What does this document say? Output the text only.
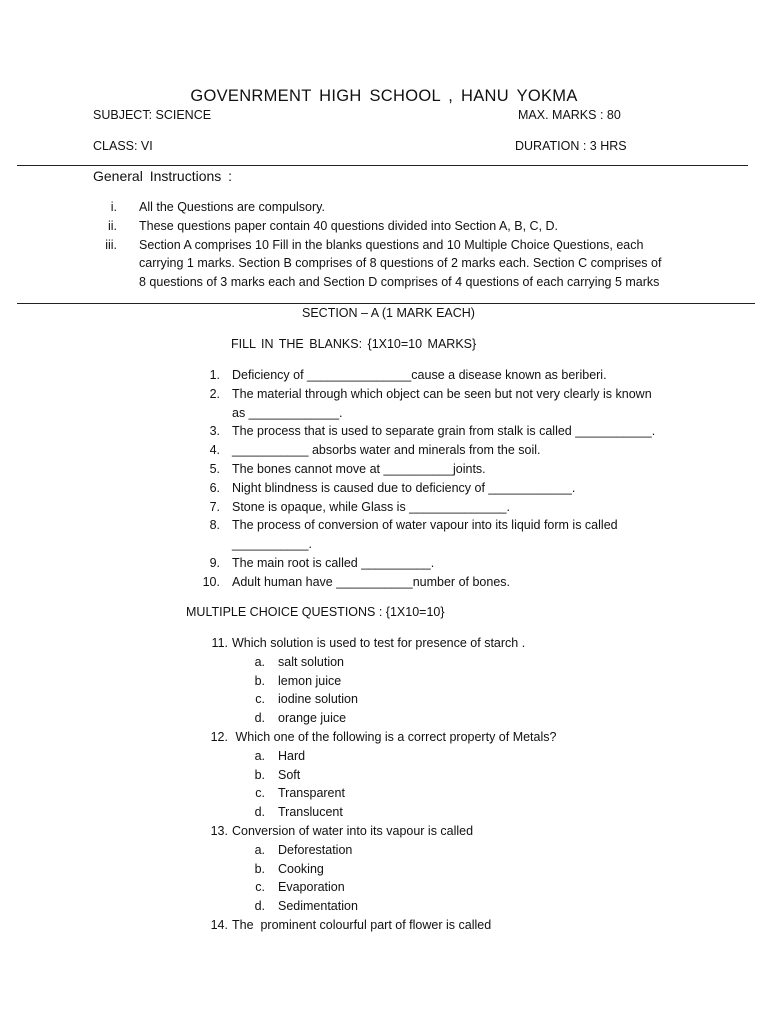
GOVENRMENT HIGH SCHOOL , HANU YOKMA
SUBJECT: SCIENCE	MAX. MARKS : 80
CLASS: VI	DURATION : 3 HRS
General Instructions :
i. All the Questions are compulsory.
ii. These questions paper contain 40 questions divided into Section A, B, C, D.
iii. Section A comprises 10 Fill in the blanks questions and 10 Multiple Choice Questions, each
carrying 1 marks. Section B comprises of 8 questions of 2 marks each. Section C comprises of
8 questions of 3 marks each and Section D comprises of 4 questions of each carrying 5 marks
SECTION – A (1 MARK EACH)
FILL IN THE BLANKS: {1X10=10 MARKS}
1. Deficiency of _______________cause a disease known as beriberi.
2. The material through which object can be seen but not very clearly is known
as _____________.
3. The process that is used to separate grain from stalk is called ___________.
4. ___________ absorbs water and minerals from the soil.
5. The bones cannot move at __________joints.
6. Night blindness is caused due to deficiency of ____________.
7. Stone is opaque, while Glass is ______________.
8. The process of conversion of water vapour into its liquid form is called
___________.
9. The main root is called __________.
10. Adult human have ___________number of bones.
MULTIPLE CHOICE QUESTIONS : {1X10=10}
11. Which solution is used to test for presence of starch .
a. salt solution
b. lemon juice
c. iodine solution
d. orange juice
12. Which one of the following is a correct property of Metals?
a. Hard
b. Soft
c. Transparent
d. Translucent
13. Conversion of water into its vapour is called
a. Deforestation
b. Cooking
c. Evaporation
d. Sedimentation
14. The  prominent colourful part of flower is called
